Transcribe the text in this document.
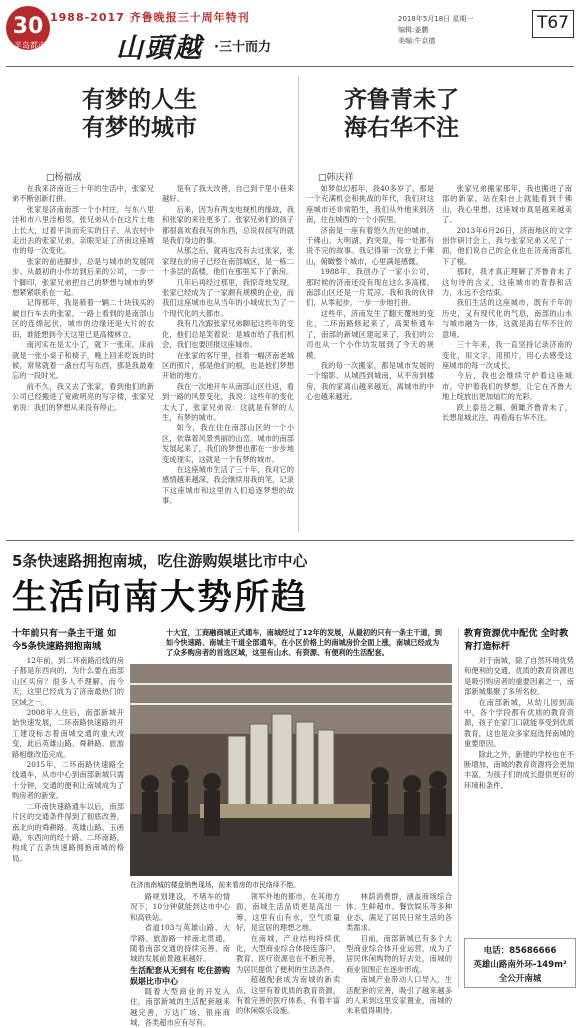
30
半岛都市报
1988-2017 齐鲁晚报三十周年特刊
山頭越 ·三十而力
2018年5月18日 星期一
编辑:姜鹏
美编:牛京德
T67
有梦的人生
有梦的城市
□杨福成

在我来济南近三十年的生活中，张家兄弟不断创新打拼。

张家是济南南部一个小村庄，与东八里洼和市八里洼相邻，张兄弟从小在这片土地上长大，过着平淡而充实的日子，从农村中走出去的张家兄弟，亲眼见证了济南这座城市的每一次变化。

张家的前进脚步，总是与城市的发展同步。从最初的小作坊到后来的公司，一步一个脚印，张家兄弟把自己的梦想与城市的梦想紧紧联系在一起。

记得那年，我是骑着一辆二十块钱买的破自行车去的张家，一路上看到的是南部山区的连绵起伏，城市的边缘还是大片的农田，谁能想到今天这里已是高楼林立。

南河实在是太小了，就下一张床，床前就是一张小桌子和椅子，晚上回来吃饭的时候，常常就着一盏台灯写东西，那是我最难忘的一段时光。

前不久，我又去了张家，看到他们的新公司已经搬进了宽敞明亮的写字楼，张家兄弟说：我们的梦想从来没有停止。

是有了我大改善，自己到千里小巷来越好。

后来，因为有两支电视机的缘故，我和张家的来往更多了。张家兄弟们的孩子都很喜欢看我写的东西，总说叔叔写的就是我们身边的事。

从那之后，就再也没有去过张家，张家现在的房子已经在南部城区，是一栋二十多层的高楼，他们在那里买下了新房。

几年后再经过那里，我惊奇地发现，张家已经成为了一家颇有规模的企业，而我们这座城市也从当年的小城成长为了一个现代化的大都市。

我有几次跟张家兄弟聊起这些年的变化，他们总是笑着说：是城市给了我们机会，我们也要回报这座城市。

在张家的客厅里，挂着一幅济南老城区的照片，那是他们的根，也是他们梦想开始的地方。

我在一次地开车从南部山区往返，看到一路的风景变化，我说：这些年的变化太大了，张家兄弟说：这就是有梦的人生，有梦的城市。

如今，我在住在南部山区的一个小区，依靠着风景秀丽的山峦。城市的南部发展起来了，我们的梦想也都在一步步地变成现实，这就是一个有梦的城市。

在这座城市生活了三十年，我对它的感情越来越深，我会继续用我的笔，记录下这座城市和这里的人们追逐梦想的故事。

齐鲁青未了
海右华不注
□韩庆祥

如梦似幻那年，我40多岁了，那是一个充满机会和挑战的年代，我们对这座城市还非常陌生，我们从外地来到济南，住在城西的一个小院里。

济南是一座有着悠久历史的城市，千佛山、大明湖、趵突泉，每一处都有说不完的故事。我记得第一次登上千佛山，俯瞰整个城市，心里满是感慨。

1988年，我创办了一家小公司，那时候的济南还没有现在这么多高楼，南部山区还是一片荒凉。我和我的伙伴们，从零起步，一步一步地打拼。

这些年，济南发生了翻天覆地的变化，二环南路修起来了，高架桥通车了，南部的新城区建起来了，我们的公司也从一个小作坊发展到了今天的规模。

我的每一次搬家，都是城市发展的一个缩影。从城西到城南，从平房到楼房，我的家离山越来越近，离城市的中心也越来越近。

张家兄弟搬家那年，我也搬进了南部的新家，站在阳台上就能看到千佛山，我心里想，这座城市真是越来越美了。

2013年6月26日，济南地区的文学创作研讨会上，我与张家兄弟又见了一面，他们说自己的企业也在济南南部扎下了根。

那时，我才真正理解了齐鲁青未了这句诗的含义，这座城市的青春和活力，永远不会结束。

我们生活的这座城市，既有千年的历史，又有现代化的气息，南部的山水与城市融为一体，这就是海右华不注的意境。

三十年来，我一直坚持记录济南的变化，用文字，用照片，用心去感受这座城市的每一次成长。

今后，我也会继续守护着这座城市，守护着我们的梦想，让它在齐鲁大地上绽放出更加灿烂的光彩。

跃上泰岳之巅，俯瞰齐鲁青未了，长想泉城北注，再看海右华不注。

5条快速路拥抱南城，吃住游购娱堪比市中心
生活向南大势所趋
十年前只有一条主干道 如今5条快速路拥抱南城

12年前，到二环南路沿线的房子都是东西向的，为什么要在南部山区买房？很多人不理解，而今天，这里已经成为了济南最热门的区域之一。

2008年入住后，南部新城开始快速发展，二环南路快速路的开工建设标志着南城交通的重大改变，此后英雄山路、舜耕路、旅游路相继改造完成。

2015年，二环南路快速路全线通车，从市中心到南部新城只需十分钟，交通的便利让南城成为了购房者的新宠。

二环南快速路通车以后，南部片区的交通条件得到了彻底改善，南北向的舜耕路、英雄山路、玉函路，东西向的经十路、二环南路，构成了五条快速路拥抱南城的格局。

十大宜，工商融商城正式通车，南城经过了12年的发展，从最初的只有一条主干道，到如今快速路、南城主干道全部通车，在小区价格上的南城房价全面上涨，南城已经成为了众多购房者的首选区域，这里有山水、有资源、有便利的生活配套。
在济南南城的楼盘销售现场，前来看房的市民络绎不绝。

路规划建设，不堵车的情况下，10分钟就能到达市中心和高铁站。

省道103与英雄山路、大学路、旅游路一样南北贯通，随着南部交通的持续完善，南城的发展前景越来越好。

生活配套从无到有 吃住游购娱堪比市中心

随着大型商业的开发入住，南部新城的生活配套越来越完善，万达广场、银座商城、各类超市应有尽有。

领军外地的都市，在其他方面，南城生活品质更是高出一筹，这里有山有水，空气质量好，是宜居的理想之地。

在南城，产业结构持续优化，大型商业综合体接连落户，教育、医疗资源也在不断完善，为居民提供了便利的生活条件。

超越配套成为南城的新卖点，这里有着优质的教育资源，有着完善的医疗体系，有着丰富的休闲娱乐设施。

林荫消费群，涵盖商场综合体、生鲜超市、餐饮娱乐等多种业态，满足了居民日常生活的各类需求。

目前，南部新城已有多个大型商业综合体开业运营，成为了居民休闲购物的好去处，南城的商业氛围正在逐步形成。

南城产业带动人口导入，生活配套的完善，吸引了越来越多的人来到这里安家置业，南城的未来值得期待。

教育资源优中配优 全时教育打造标杆

对于南城，除了自然环境优势和便利的交通，优质的教育资源也是吸引购房者的重要因素之一，南部新城集聚了多所名校。

在南部新城，从幼儿园到高中，各个学段都有优质的教育资源，孩子在家门口就能享受到优质教育，这也是众多家庭选择南城的重要原因。

除此之外，新建的学校也在不断增加，南城的教育资源将会更加丰富，为孩子们的成长提供更好的环境和条件。

电话：85686666
英雄山路南外环-149m²
全公开南城
